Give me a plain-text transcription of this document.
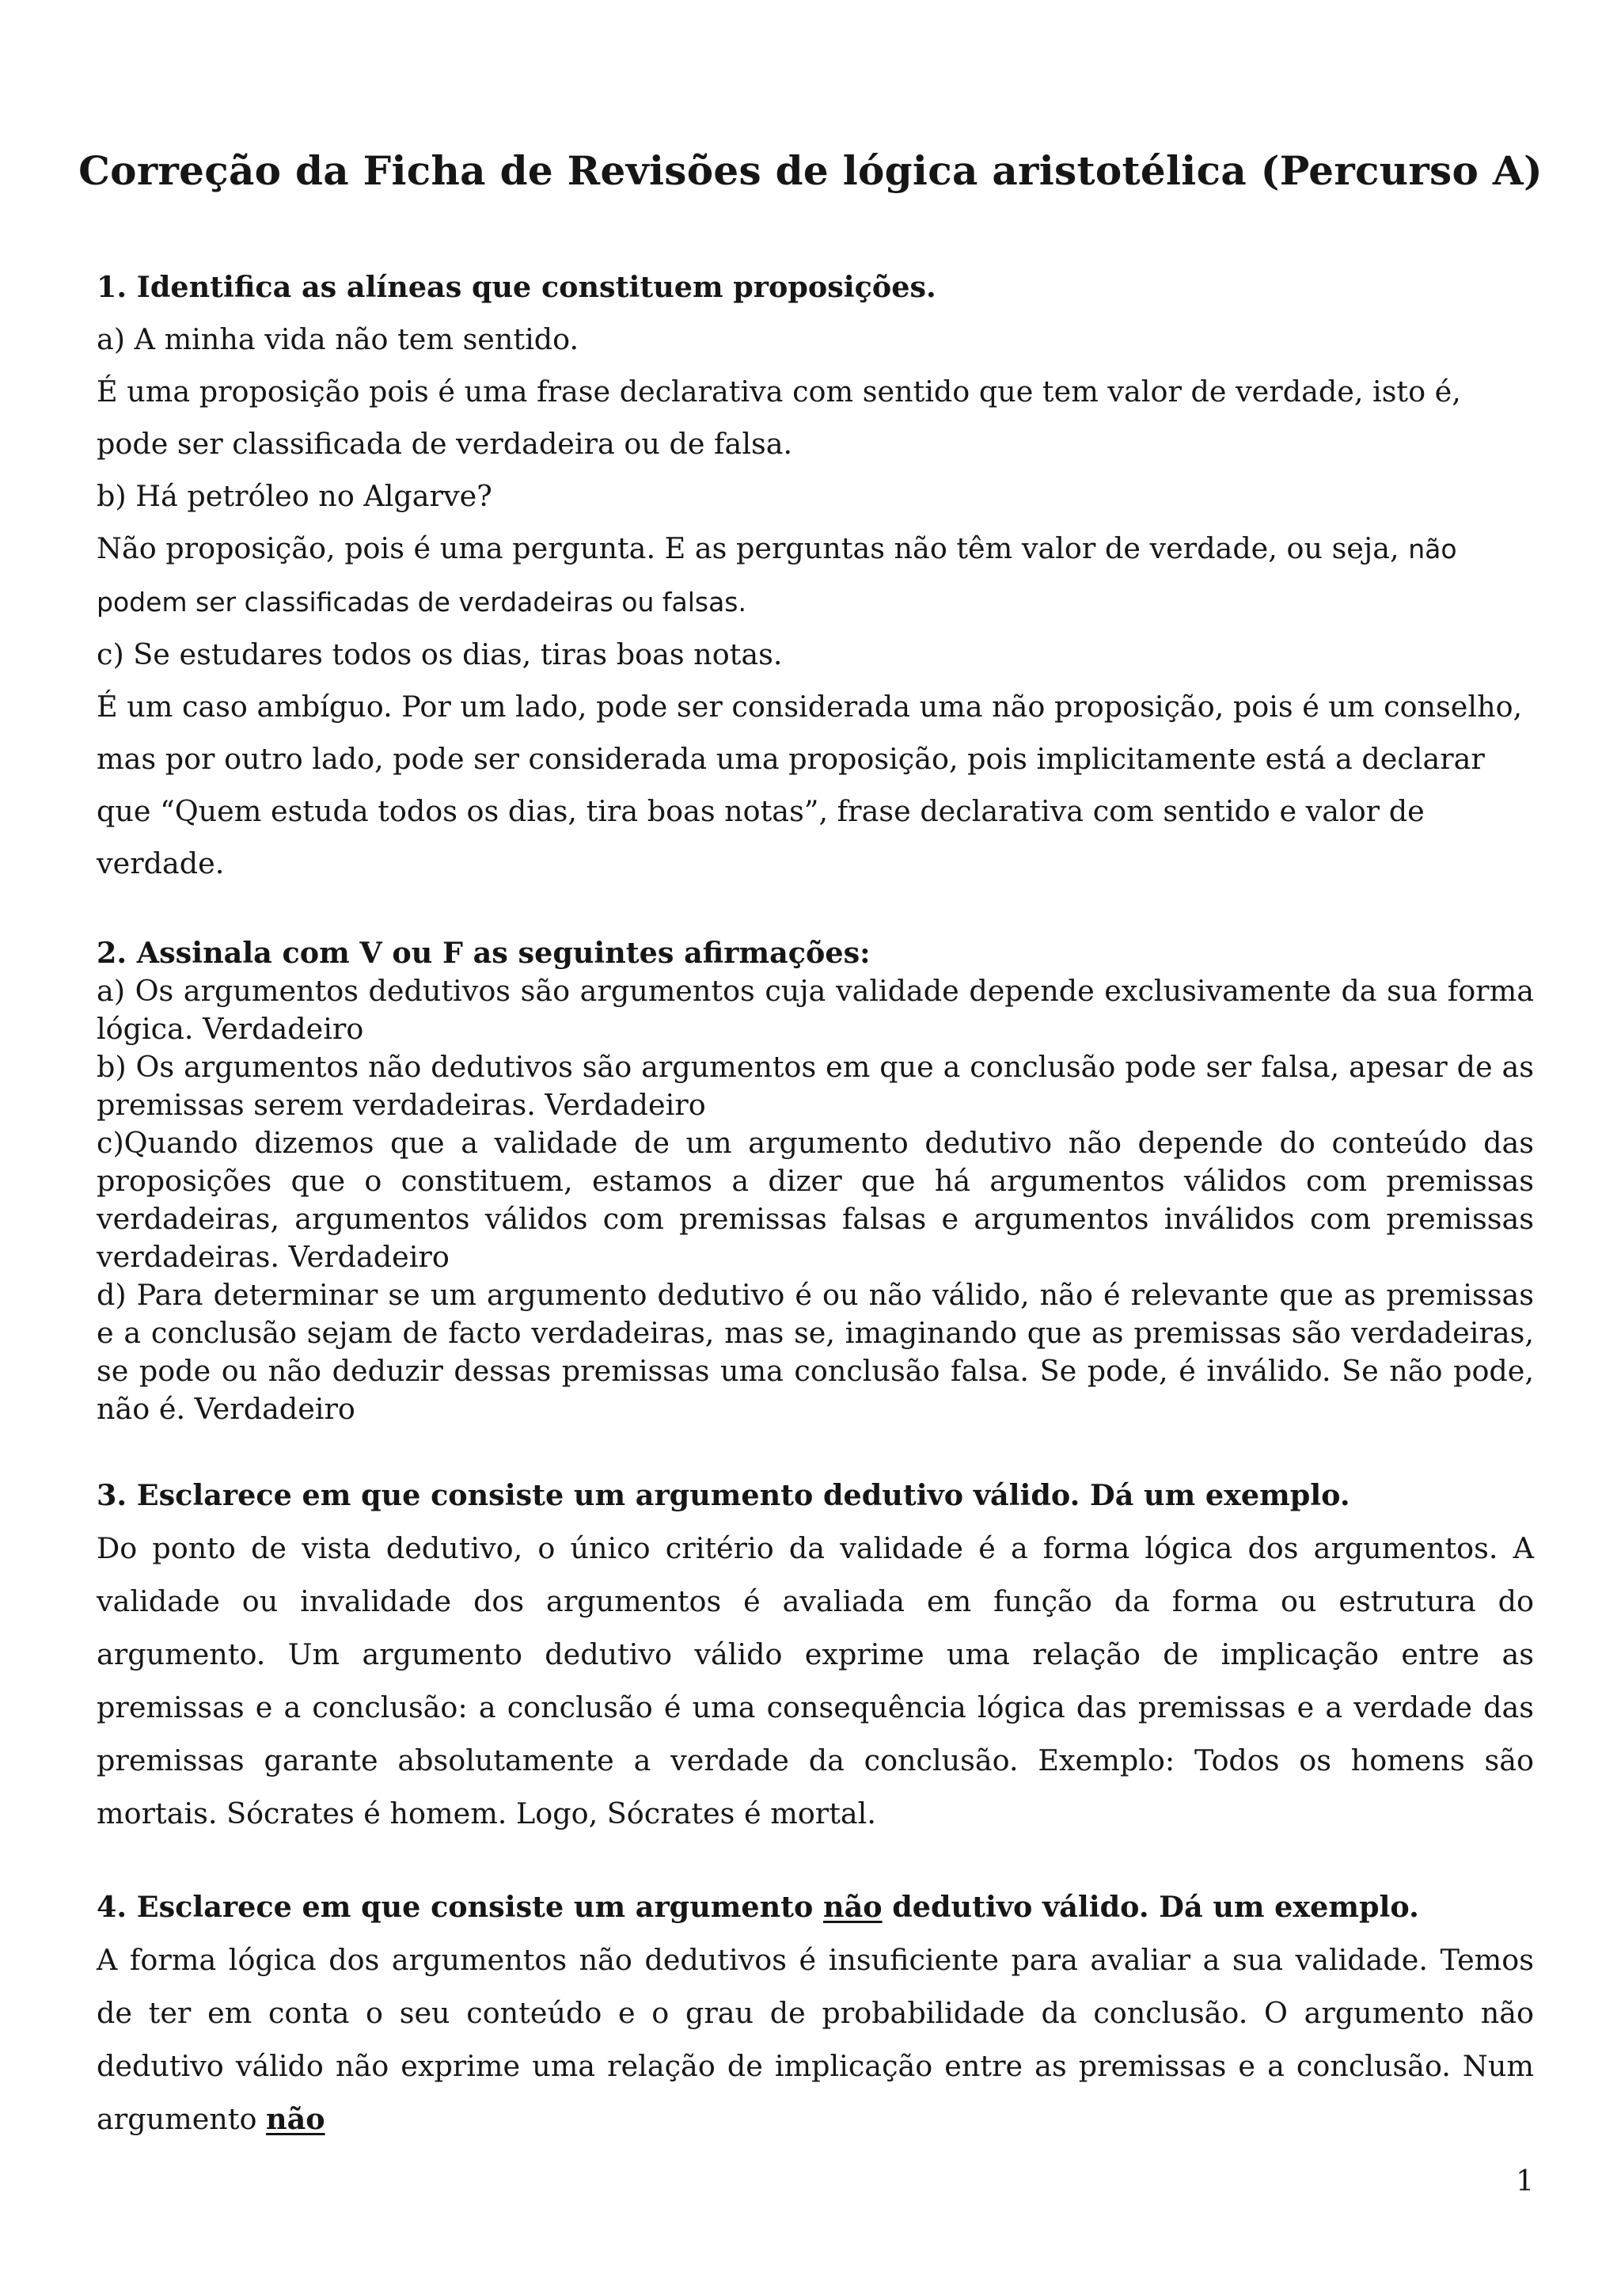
Correção da Ficha de Revisões de lógica aristotélica (Percurso A)

1. Identifica as alíneas que constituem proposições.

a) A minha vida não tem sentido.

É uma proposição pois é uma frase declarativa com sentido que tem valor de verdade, isto é, pode ser classificada de verdadeira ou de falsa.

b) Há petróleo no Algarve?

Não proposição, pois é uma pergunta. E as perguntas não têm valor de verdade, ou seja, não podem ser classificadas de verdadeiras ou falsas.

c) Se estudares todos os dias, tiras boas notas.

É um caso ambíguo. Por um lado, pode ser considerada uma não proposição, pois é um conselho, mas por outro lado, pode ser considerada uma proposição, pois implicitamente está a declarar que “Quem estuda todos os dias, tira boas notas”, frase declarativa com sentido e valor de verdade.

2. Assinala com V ou F as seguintes afirmações:

a) Os argumentos dedutivos são argumentos cuja validade depende exclusivamente da sua forma lógica. Verdadeiro

b) Os argumentos não dedutivos são argumentos em que a conclusão pode ser falsa, apesar de as premissas serem verdadeiras. Verdadeiro

c)Quando dizemos que a validade de um argumento dedutivo não depende do conteúdo das proposições que o constituem, estamos a dizer que há argumentos válidos com premissas verdadeiras, argumentos válidos com premissas falsas e argumentos inválidos com premissas verdadeiras. Verdadeiro

d) Para determinar se um argumento dedutivo é ou não válido, não é relevante que as premissas e a conclusão sejam de facto verdadeiras, mas se, imaginando que as premissas são verdadeiras, se pode ou não deduzir dessas premissas uma conclusão falsa. Se pode, é inválido. Se não pode, não é. Verdadeiro

3. Esclarece em que consiste um argumento dedutivo válido. Dá um exemplo.

Do ponto de vista dedutivo, o único critério da validade é a forma lógica dos argumentos. A validade ou invalidade dos argumentos é avaliada em função da forma ou estrutura do argumento. Um argumento dedutivo válido exprime uma relação de implicação entre as premissas e a conclusão: a conclusão é uma consequência lógica das premissas e a verdade das premissas garante absolutamente a verdade da conclusão. Exemplo: Todos os homens são mortais. Sócrates é homem. Logo, Sócrates é mortal.

4. Esclarece em que consiste um argumento não dedutivo válido. Dá um exemplo.

A forma lógica dos argumentos não dedutivos é insuficiente para avaliar a sua validade. Temos de ter em conta o seu conteúdo e o grau de probabilidade da conclusão. O argumento não dedutivo válido não exprime uma relação de implicação entre as premissas e a conclusão. Num argumento não

1
